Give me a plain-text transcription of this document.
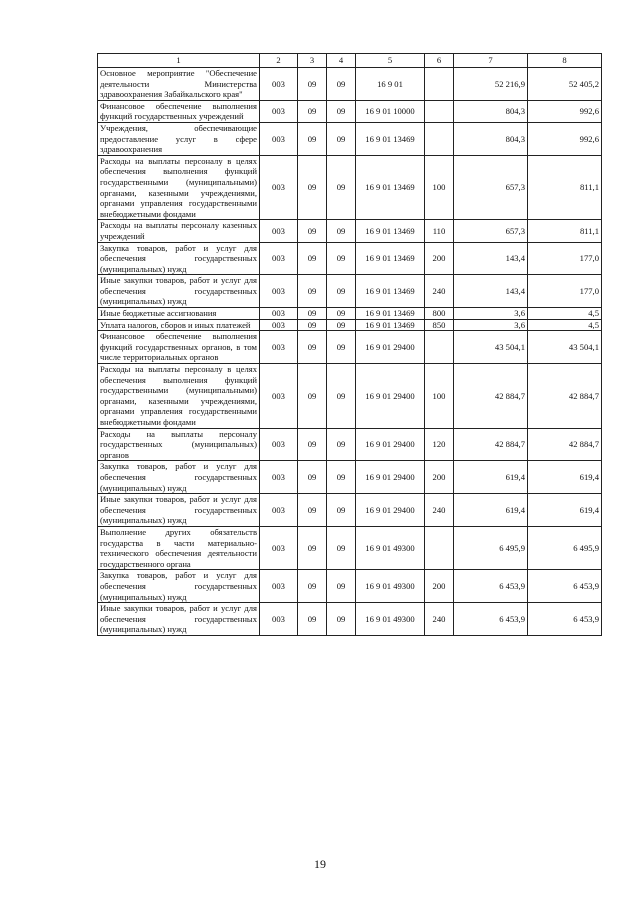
1	2	3	4	5	6	7	8
Основное мероприятие "Обеспечение деятельности Министерства здравоохранения Забайкальского края"	003	09	09	16 9 01		52 216,9	52 405,2
Финансовое обеспечение выполнения функций государственных учреждений	003	09	09	16 9 01 10000		804,3	992,6
Учреждения, обеспечивающие предоставление услуг в сфере здравоохранения	003	09	09	16 9 01 13469		804,3	992,6
Расходы на выплаты персоналу в целях обеспечения выполнения функций государственными (муниципальными) органами, казенными учреждениями, органами управления государственными внебюджетными фондами	003	09	09	16 9 01 13469	100	657,3	811,1
Расходы на выплаты персоналу казенных учреждений	003	09	09	16 9 01 13469	110	657,3	811,1
Закупка товаров, работ и услуг для обеспечения государственных (муниципальных) нужд	003	09	09	16 9 01 13469	200	143,4	177,0
Иные закупки товаров, работ и услуг для обеспечения государственных (муниципальных) нужд	003	09	09	16 9 01 13469	240	143,4	177,0
Иные бюджетные ассигнования	003	09	09	16 9 01 13469	800	3,6	4,5
Уплата налогов, сборов и иных платежей	003	09	09	16 9 01 13469	850	3,6	4,5
Финансовое обеспечение выполнения функций государственных органов, в том числе территориальных органов	003	09	09	16 9 01 29400		43 504,1	43 504,1
Расходы на выплаты персоналу в целях обеспечения выполнения функций государственными (муниципальными) органами, казенными учреждениями, органами управления государственными внебюджетными фондами	003	09	09	16 9 01 29400	100	42 884,7	42 884,7
Расходы на выплаты персоналу государственных (муниципальных) органов	003	09	09	16 9 01 29400	120	42 884,7	42 884,7
Закупка товаров, работ и услуг для обеспечения государственных (муниципальных) нужд	003	09	09	16 9 01 29400	200	619,4	619,4
Иные закупки товаров, работ и услуг для обеспечения государственных (муниципальных) нужд	003	09	09	16 9 01 29400	240	619,4	619,4
Выполнение других обязательств государства в части материально-технического обеспечения деятельности государственного органа	003	09	09	16 9 01 49300		6 495,9	6 495,9
Закупка товаров, работ и услуг для обеспечения государственных (муниципальных) нужд	003	09	09	16 9 01 49300	200	6 453,9	6 453,9
Иные закупки товаров, работ и услуг для обеспечения государственных (муниципальных) нужд	003	09	09	16 9 01 49300	240	6 453,9	6 453,9
19
